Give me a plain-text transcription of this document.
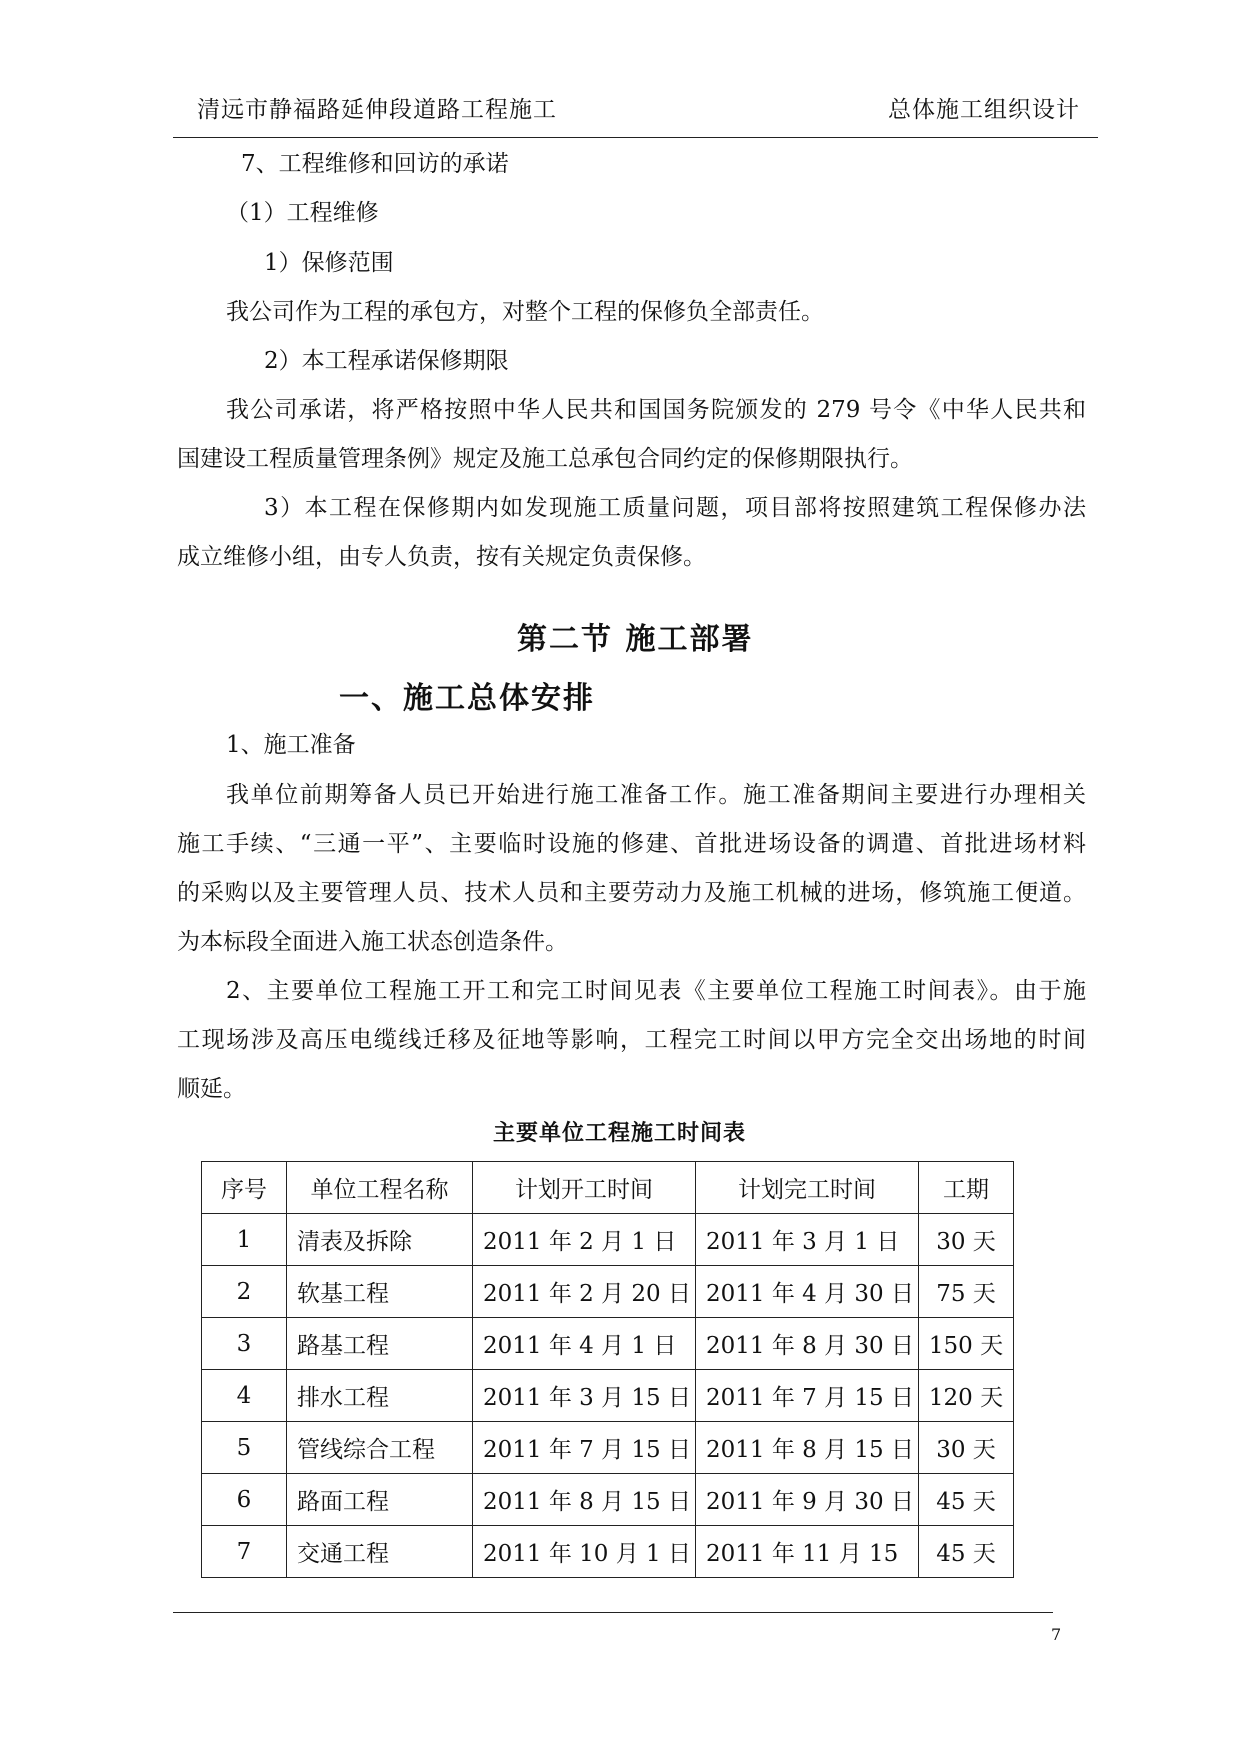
清远市静福路延伸段道路工程施工	总体施工组织设计
7、工程维修和回访的承诺
（1）工程维修
1）保修范围
我公司作为工程的承包方，对整个工程的保修负全部责任。
2）本工程承诺保修期限
我公司承诺，将严格按照中华人民共和国国务院颁发的 279 号令《中华人民共和
国建设工程质量管理条例》规定及施工总承包合同约定的保修期限执行。
3）本工程在保修期内如发现施工质量问题，项目部将按照建筑工程保修办法
成立维修小组，由专人负责，按有关规定负责保修。
第二节 施工部署
一、施工总体安排
1、施工准备
我单位前期筹备人员已开始进行施工准备工作。施工准备期间主要进行办理相关
施工手续、“三通一平”、主要临时设施的修建、首批进场设备的调遣、首批进场材料
的采购以及主要管理人员、技术人员和主要劳动力及施工机械的进场，修筑施工便道。
为本标段全面进入施工状态创造条件。
2、主要单位工程施工开工和完工时间见表《主要单位工程施工时间表》。由于施
工现场涉及高压电缆线迁移及征地等影响，工程完工时间以甲方完全交出场地的时间
顺延。
主要单位工程施工时间表
序号	单位工程名称	计划开工时间	计划完工时间	工期
1	清表及拆除	2011 年 2 月 1 日	2011 年 3 月 1 日	30 天
2	软基工程	2011 年 2 月 20 日	2011 年 4 月 30 日	75 天
3	路基工程	2011 年 4 月 1 日	2011 年 8 月 30 日	150 天
4	排水工程	2011 年 3 月 15 日	2011 年 7 月 15 日	120 天
5	管线综合工程	2011 年 7 月 15 日	2011 年 8 月 15 日	30 天
6	路面工程	2011 年 8 月 15 日	2011 年 9 月 30 日	45 天
7	交通工程	2011 年 10 月 1 日	2011 年 11 月 15	45 天
7
